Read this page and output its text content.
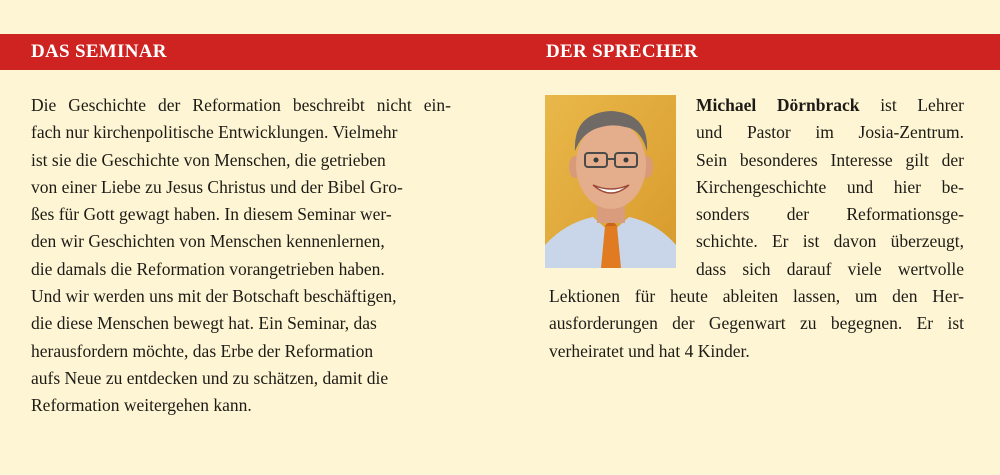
DAS SEMINAR	DER SPRECHER
Die Geschichte der Reformation beschreibt nicht ein-
fach nur kirchenpolitische Entwicklungen. Vielmehr
ist sie die Geschichte von Menschen, die getrieben
von einer Liebe zu Jesus Christus und der Bibel Gro-
ßes für Gott gewagt haben. In diesem Seminar wer-
den wir Geschichten von Menschen kennenlernen,
die damals die Reformation vorangetrieben haben.
Und wir werden uns mit der Botschaft beschäftigen,
die diese Menschen bewegt hat. Ein Seminar, das
herausfordern möchte, das Erbe der Reformation
aufs Neue zu entdecken und zu schätzen, damit die
Reformation weitergehen kann.
Michael Dörnbrack ist Lehrer
und Pastor im Josia-Zentrum.
Sein besonderes Interesse gilt der
Kirchengeschichte und hier be-
sonders der Reformationsge-
schichte. Er ist davon überzeugt,
dass sich darauf viele wertvolle
Lektionen für heute ableiten lassen, um den Her-
ausforderungen der Gegenwart zu begegnen. Er ist
verheiratet und hat 4 Kinder.
